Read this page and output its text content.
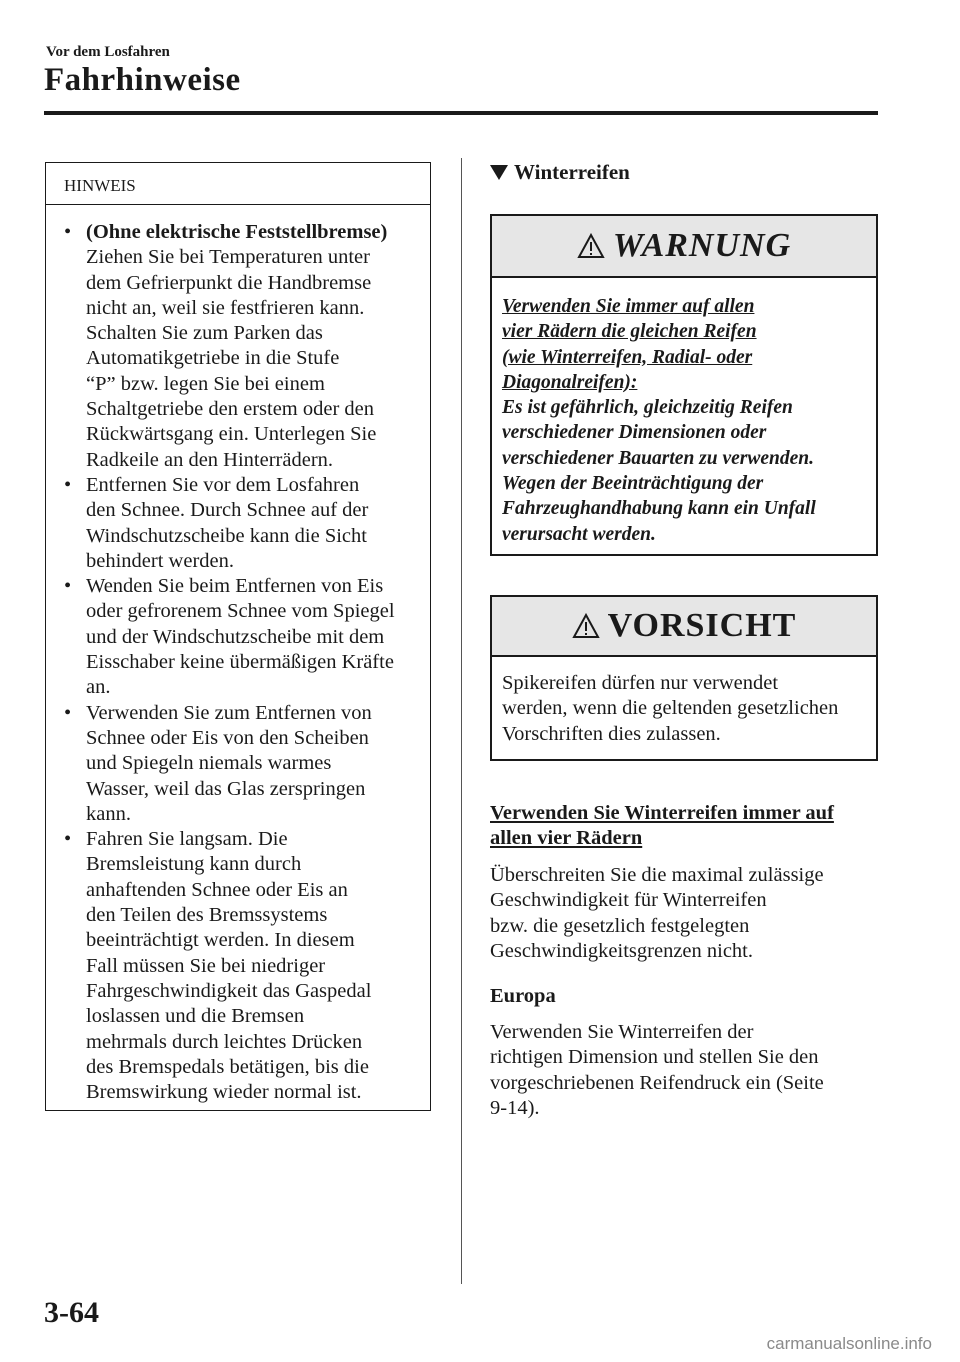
Vor dem Losfahren
Fahrhinweise
HINWEIS
• (Ohne elektrische Feststellbremse)
Ziehen Sie bei Temperaturen unter
dem Gefrierpunkt die Handbremse
nicht an, weil sie festfrieren kann.
Schalten Sie zum Parken das
Automatikgetriebe in die Stufe
“P” bzw. legen Sie bei einem
Schaltgetriebe den erstem oder den
Rückwärtsgang ein. Unterlegen Sie
Radkeile an den Hinterrädern.
• Entfernen Sie vor dem Losfahren
den Schnee. Durch Schnee auf der
Windschutzscheibe kann die Sicht
behindert werden.
• Wenden Sie beim Entfernen von Eis
oder gefrorenem Schnee vom Spiegel
und der Windschutzscheibe mit dem
Eisschaber keine übermäßigen Kräfte
an.
• Verwenden Sie zum Entfernen von
Schnee oder Eis von den Scheiben
und Spiegeln niemals warmes
Wasser, weil das Glas zerspringen
kann.
• Fahren Sie langsam. Die
Bremsleistung kann durch
anhaftenden Schnee oder Eis an
den Teilen des Bremssystems
beeinträchtigt werden. In diesem
Fall müssen Sie bei niedriger
Fahrgeschwindigkeit das Gaspedal
loslassen und die Bremsen
mehrmals durch leichtes Drücken
des Bremspedals betätigen, bis die
Bremswirkung wieder normal ist.
Winterreifen
WARNUNG
Verwenden Sie immer auf allen
vier Rädern die gleichen Reifen
(wie Winterreifen, Radial- oder
Diagonalreifen):
Es ist gefährlich, gleichzeitig Reifen
verschiedener Dimensionen oder
verschiedener Bauarten zu verwenden.
Wegen der Beeinträchtigung der
Fahrzeughandhabung kann ein Unfall
verursacht werden.
VORSICHT
Spikereifen dürfen nur verwendet
werden, wenn die geltenden gesetzlichen
Vorschriften dies zulassen.
Verwenden Sie Winterreifen immer auf
allen vier Rädern
Überschreiten Sie die maximal zulässige
Geschwindigkeit für Winterreifen
bzw. die gesetzlich festgelegten
Geschwindigkeitsgrenzen nicht.
Europa
Verwenden Sie Winterreifen der
richtigen Dimension und stellen Sie den
vorgeschriebenen Reifendruck ein (Seite
9-14).
3-64
carmanualsonline.info
